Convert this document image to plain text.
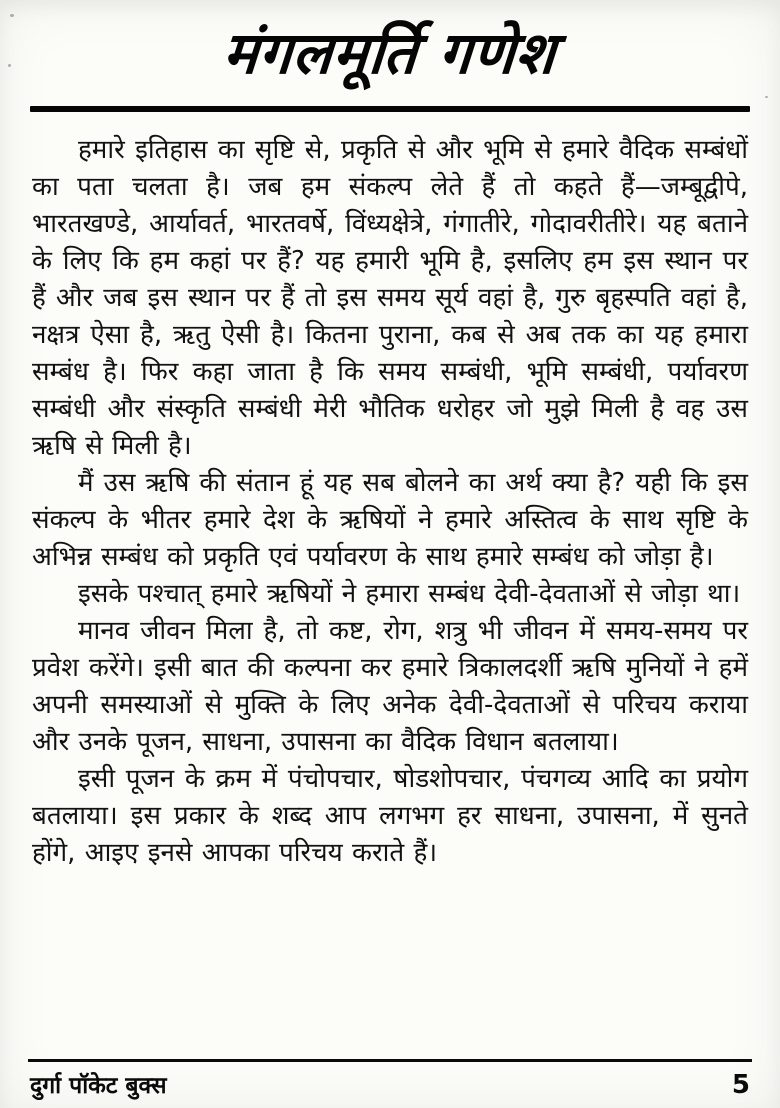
मंगलमूर्ति गणेश

हमारे इतिहास का सृष्टि से, प्रकृति से और भूमि से हमारे वैदिक सम्बंधों का पता चलता है। जब हम संकल्प लेते हैं तो कहते हैं—जम्बूद्वीपे, भारतखण्डे, आर्यावर्त, भारतवर्षे, विंध्यक्षेत्रे, गंगातीरे, गोदावरीतीरे। यह बताने के लिए कि हम कहां पर हैं? यह हमारी भूमि है, इसलिए हम इस स्थान पर हैं और जब इस स्थान पर हैं तो इस समय सूर्य वहां है, गुरु बृहस्पति वहां है, नक्षत्र ऐसा है, ऋतु ऐसी है। कितना पुराना, कब से अब तक का यह हमारा सम्बंध है। फिर कहा जाता है कि समय सम्बंधी, भूमि सम्बंधी, पर्यावरण सम्बंधी और संस्कृति सम्बंधी मेरी भौतिक धरोहर जो मुझे मिली है वह उस ऋषि से मिली है।

मैं उस ऋषि की संतान हूं यह सब बोलने का अर्थ क्या है? यही कि इस संकल्प के भीतर हमारे देश के ऋषियों ने हमारे अस्तित्व के साथ सृष्टि के अभिन्न सम्बंध को प्रकृति एवं पर्यावरण के साथ हमारे सम्बंध को जोड़ा है।

इसके पश्चात् हमारे ऋषियों ने हमारा सम्बंध देवी-देवताओं से जोड़ा था।

मानव जीवन मिला है, तो कष्ट, रोग, शत्रु भी जीवन में समय-समय पर प्रवेश करेंगे। इसी बात की कल्पना कर हमारे त्रिकालदर्शी ऋषि मुनियों ने हमें अपनी समस्याओं से मुक्ति के लिए अनेक देवी-देवताओं से परिचय कराया और उनके पूजन, साधना, उपासना का वैदिक विधान बतलाया।

इसी पूजन के क्रम में पंचोपचार, षोडशोपचार, पंचगव्य आदि का प्रयोग बतलाया। इस प्रकार के शब्द आप लगभग हर साधना, उपासना, में सुनते होंगे, आइए इनसे आपका परिचय कराते हैं।

दुर्गा पॉकेट बुक्स	5
